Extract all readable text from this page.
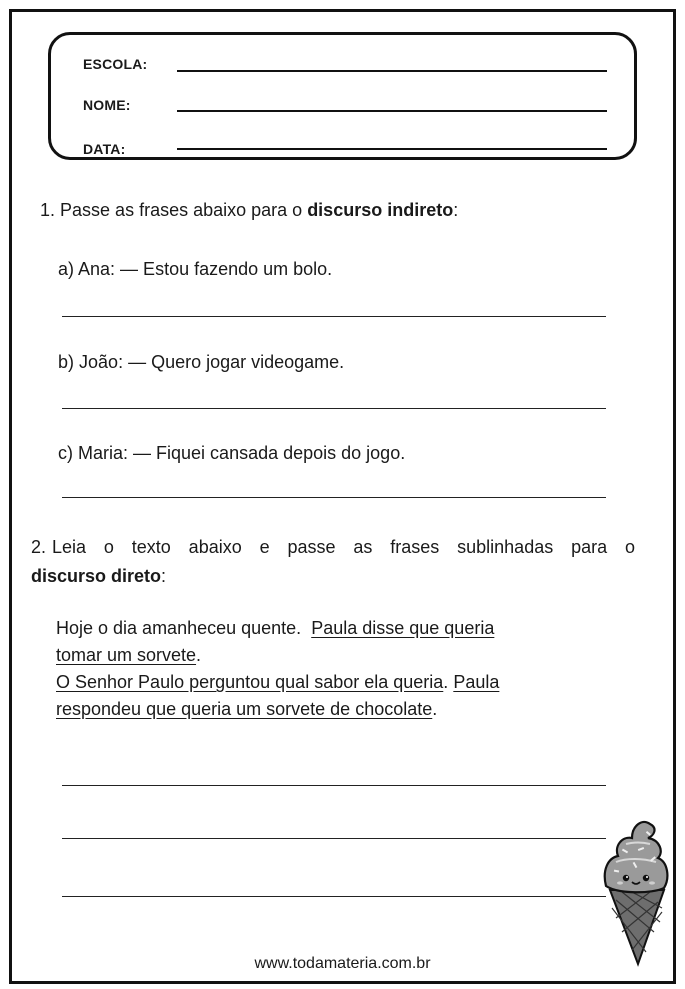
ESCOLA:
NOME:
DATA:
1. Passe as frases abaixo para o discurso indireto:
a) Ana: — Estou fazendo um bolo.
b) João: — Quero jogar videogame.
c) Maria: — Fiquei cansada depois do jogo.
2. Leia o texto abaixo e passe as frases sublinhadas para o
discurso direto:
Hoje o dia amanheceu quente. Paula disse que queria
tomar um sorvete.
O Senhor Paulo perguntou qual sabor ela queria. Paula
respondeu que queria um sorvete de chocolate.
www.todamateria.com.br
